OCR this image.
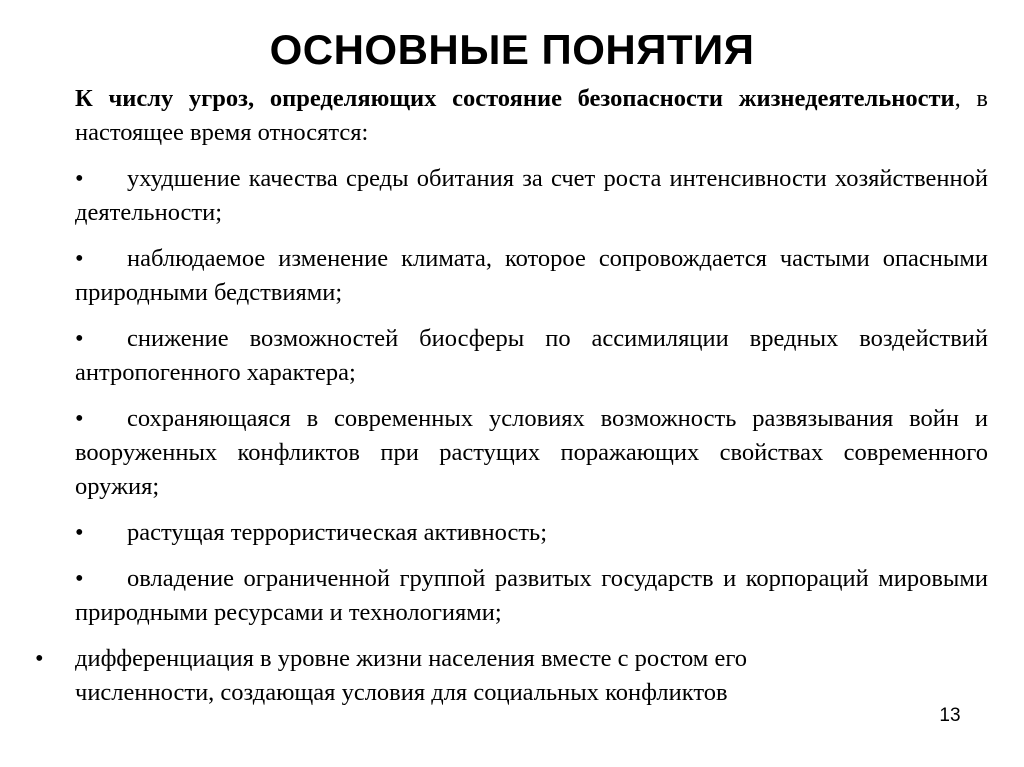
ОСНОВНЫЕ ПОНЯТИЯ

К числу угроз, определяющих состояние безопасности жизнедеятельности, в настоящее время относятся:

• ухудшение качества среды обитания за счет роста интенсивности хозяйственной деятельности;

• наблюдаемое изменение климата, которое сопровождается частыми опасными природными бедствиями;

• снижение возможностей биосферы по ассимиляции вредных воздействий антропогенного характера;

• сохраняющаяся в современных условиях возможность развязывания войн и вооруженных конфликтов при растущих поражающих свойствах современного оружия;

• растущая террористическая активность;

• овладение ограниченной группой развитых государств и корпораций мировыми природными ресурсами и технологиями;

• дифференциация в уровне жизни населения вместе с ростом его
численности, создающая условия для социальных конфликтов
13
